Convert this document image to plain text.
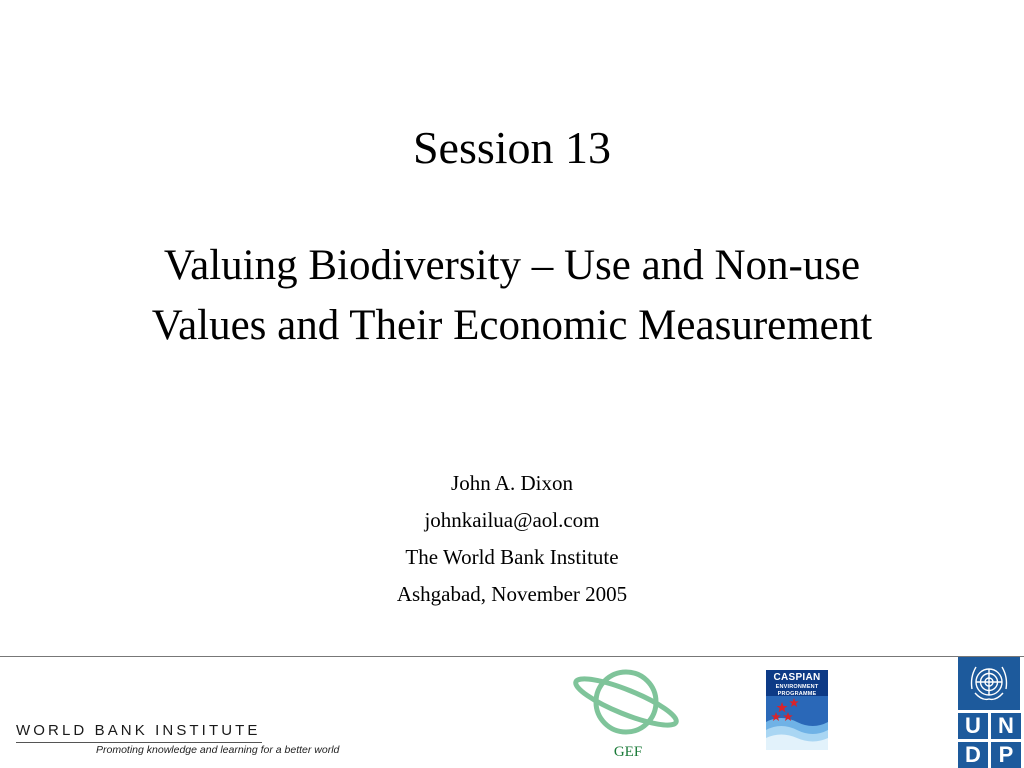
Session 13
Valuing Biodiversity – Use and Non-use
Values and Their Economic Measurement
John A. Dixon
johnkailua@aol.com
The World Bank Institute
Ashgabad, November 2005
WORLD BANK INSTITUTE
Promoting knowledge and learning for a better world	GEF
CASPIAN
ENVIRONMENT
PROGRAMME
U N
D P
